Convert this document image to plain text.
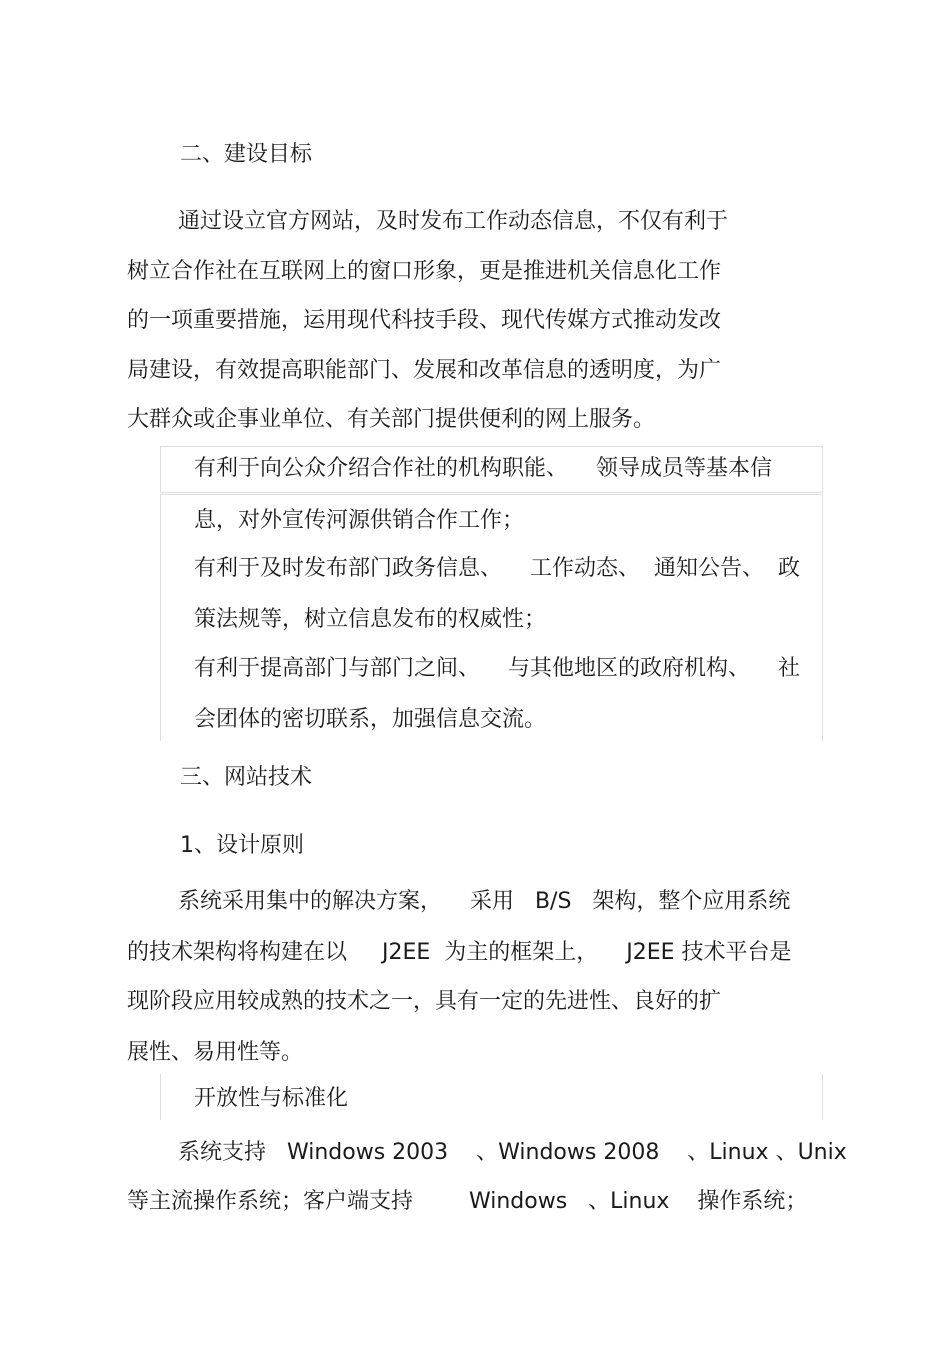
二、建设目标

通过设立官方网站，及时发布工作动态信息，不仅有利于

树立合作社在互联网上的窗口形象，更是推进机关信息化工作

的一项重要措施，运用现代科技手段、现代传媒方式推动发改

局建设，有效提高职能部门、发展和改革信息的透明度，为广

大群众或企事业单位、有关部门提供便利的网上服务。

有利于向公众介绍合作社的机构职能、    领导成员等基本信

息，对外宣传河源供销合作工作；

有利于及时发布部门政务信息、    工作动态、  通知公告、  政

策法规等，树立信息发布的权威性；

有利于提高部门与部门之间、    与其他地区的政府机构、    社

会团体的密切联系，加强信息交流。

三、网站技术

1、设计原则

系统采用集中的解决方案，    采用   B/S   架构，整个应用系统

的技术架构将构建在以     J2EE  为主的框架上，    J2EE 技术平台是

现阶段应用较成熟的技术之一，具有一定的先进性、良好的扩

展性、易用性等。

开放性与标准化

系统支持   Windows 2003    、Windows 2008    、Linux 、Unix

等主流操作系统；客户端支持        Windows   、Linux    操作系统；
